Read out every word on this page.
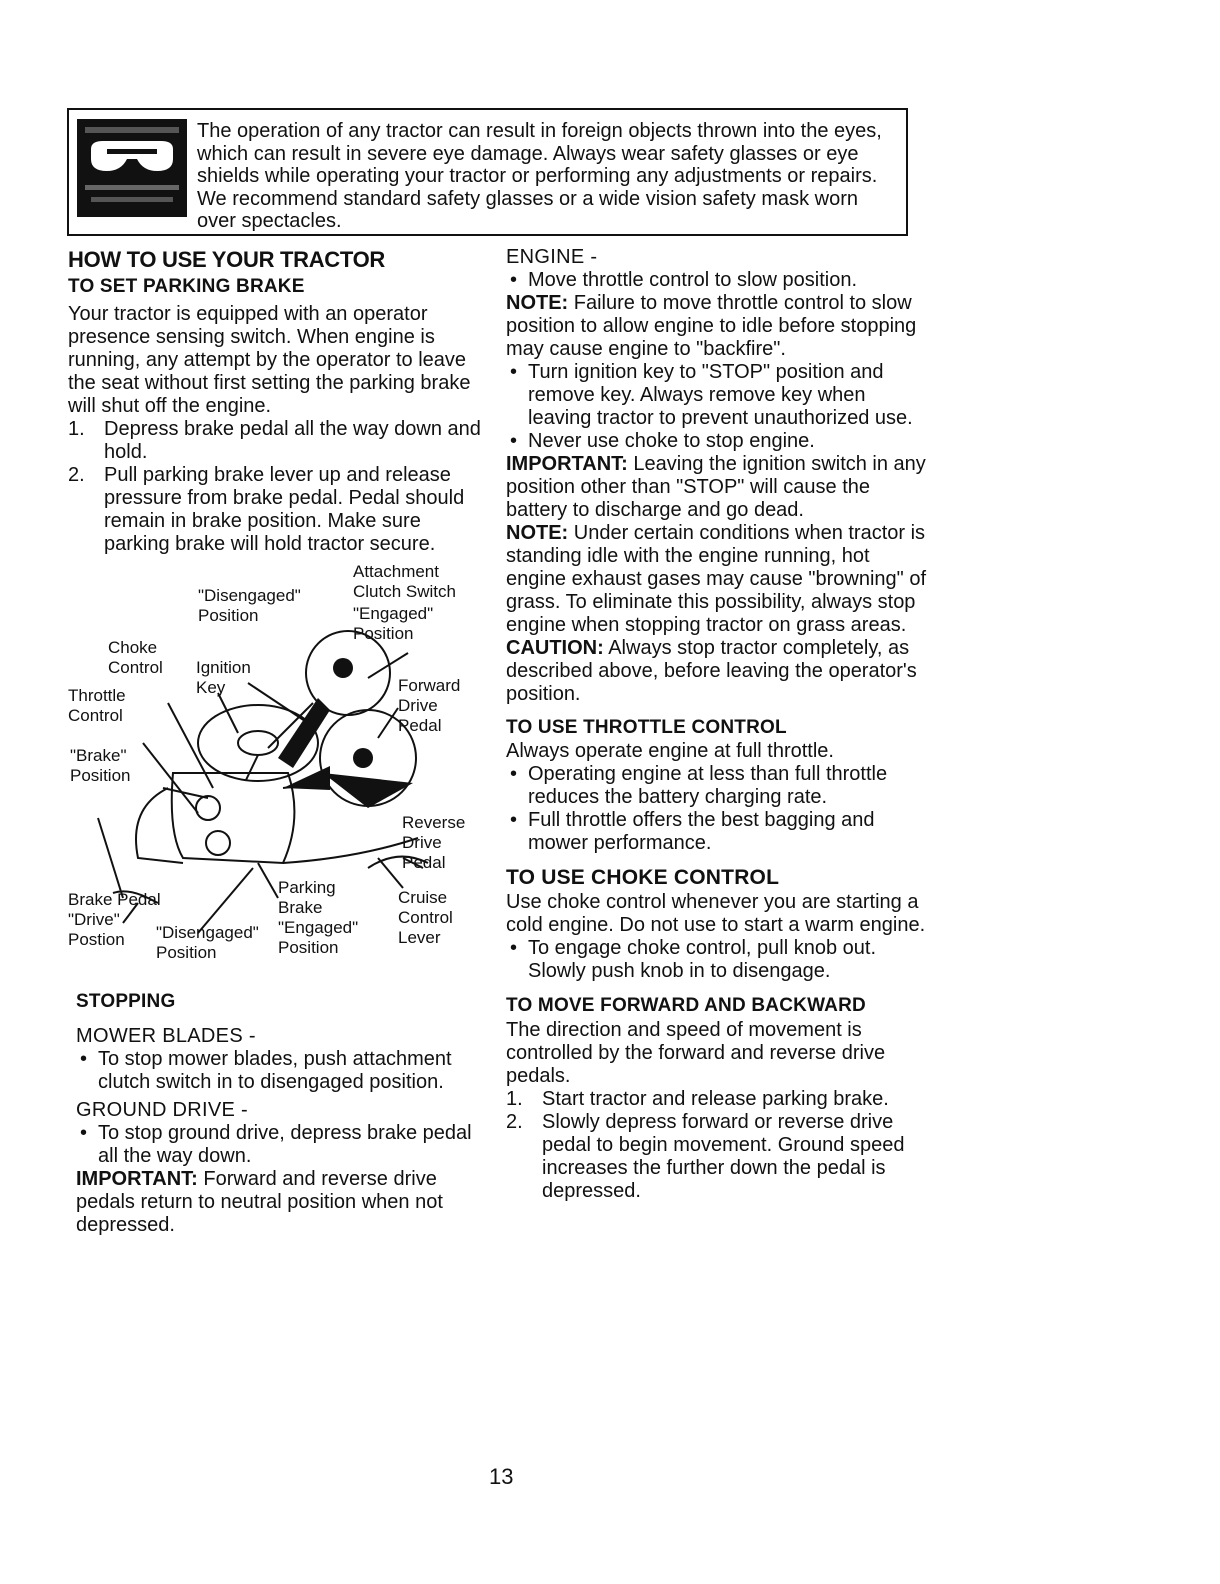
The operation of any tractor can result in foreign objects thrown into the eyes, which can result in severe eye damage. Always wear safety glasses or eye shields while operating your tractor or performing any adjustments or repairs. We recommend standard safety glasses or a wide vision safety mask worn over spectacles.
HOW TO USE YOUR TRACTOR
TO SET PARKING BRAKE

Your tractor is equipped with an operator presence sensing switch. When engine is running, any attempt by the operator to leave the seat without first setting the parking brake will shut off the engine.

1. Depress brake pedal all the way down and hold.
2. Pull parking brake lever up and release pressure from brake pedal. Pedal should remain in brake position. Make sure parking brake will hold tractor secure.
Attachment
Clutch Switch
"Disengaged"
Position	"Engaged"
Position
Choke
Control Ignition
Key
Throttle
Control
Forward
Drive
Pedal
"Brake"
Position
Reverse
Drive
Pedal
Brake Pedal
"Drive"
Postion	"Disengaged"
Position
Parking
Brake
"Engaged"
Position
Cruise
Control
Lever
STOPPING

MOWER BLADES -

• To stop mower blades, push attachment clutch switch in to disengaged position.

GROUND DRIVE -

• To stop ground drive, depress brake pedal all the way down.

IMPORTANT: Forward and reverse drive pedals return to neutral position when not depressed.

ENGINE -

• Move throttle control to slow position.

NOTE: Failure to move throttle control to slow position to allow engine to idle before stopping may cause engine to "backfire".

• Turn ignition key to "STOP" position and remove key. Always remove key when leaving tractor to prevent unauthorized use.
• Never use choke to stop engine.

IMPORTANT: Leaving the ignition switch in any position other than "STOP" will cause the battery to discharge and go dead.

NOTE: Under certain conditions when tractor is standing idle with the engine running, hot engine exhaust gases may cause "browning" of grass. To eliminate this possibility, always stop engine when stopping tractor on grass areas.

CAUTION: Always stop tractor completely, as described above, before leaving the operator's position.

TO USE THROTTLE CONTROL

Always operate engine at full throttle.

• Operating engine at less than full throttle reduces the battery charging rate.
• Full throttle offers the best bagging and mower performance.
TO USE CHOKE CONTROL

Use choke control whenever you are starting a cold engine. Do not use to start a warm engine.

• To engage choke control, pull knob out. Slowly push knob in to disengage.
TO MOVE FORWARD AND BACKWARD

The direction and speed of movement is controlled by the forward and reverse drive pedals.

1. Start tractor and release parking brake.
2. Slowly depress forward or reverse drive pedal to begin movement. Ground speed increases the further down the pedal is depressed.
13
